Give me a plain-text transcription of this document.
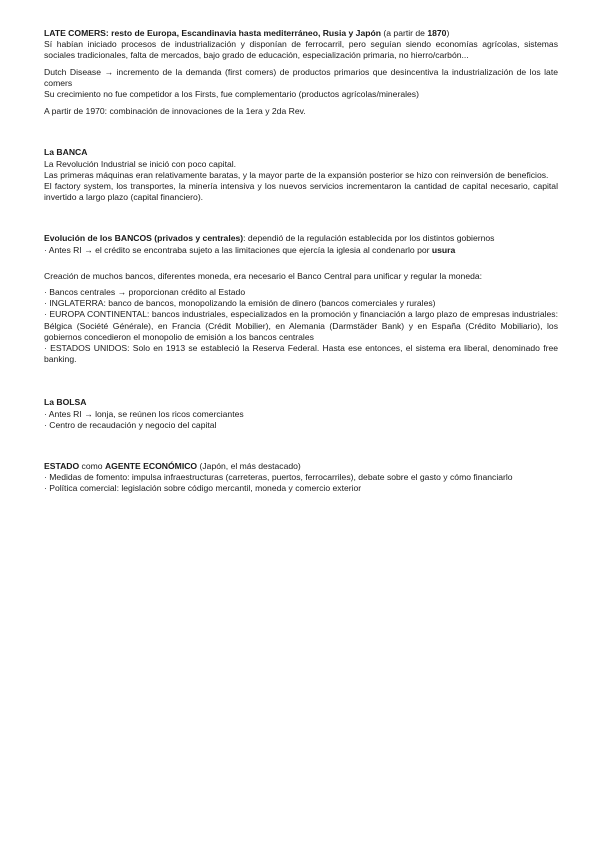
LATE COMERS: resto de Europa, Escandinavia hasta mediterráneo, Rusia y Japón (a partir de 1870)

Sí habían iniciado procesos de industrialización y disponían de ferrocarril, pero seguían siendo economías agrícolas, sistemas sociales tradicionales, falta de mercados, bajo grado de educación, especialización primaria, no hierro/carbón...

Dutch Disease → incremento de la demanda (first comers) de productos primarios que desincentiva la industrialización de los late comers

Su crecimiento no fue competidor a los Firsts, fue complementario (productos agrícolas/minerales)

A partir de 1970: combinación de innovaciones de la 1era y 2da Rev.

La BANCA

La Revolución Industrial se inició con poco capital.

Las primeras máquinas eran relativamente baratas, y la mayor parte de la expansión posterior se hizo con reinversión de beneficios.

El factory system, los transportes, la minería intensiva y los nuevos servicios incrementaron la cantidad de capital necesario, capital invertido a largo plazo (capital financiero).

Evolución de los BANCOS (privados y centrales): dependió de la regulación establecida por los distintos gobiernos

· Antes RI → el crédito se encontraba sujeto a las limitaciones que ejercía la iglesia al condenarlo por usura

Creación de muchos bancos, diferentes moneda, era necesario el Banco Central para unificar y regular la moneda:

· Bancos centrales → proporcionan crédito al Estado

· INGLATERRA: banco de bancos, monopolizando la emisión de dinero (bancos comerciales y rurales)

· EUROPA CONTINENTAL: bancos industriales, especializados en la promoción y financiación a largo plazo de empresas industriales: Bélgica (Société Générale), en Francia (Crédit Mobilier), en Alemania (Darmstäder Bank) y en España (Crédito Mobiliario), los gobiernos concedieron el monopolio de emisión a los bancos centrales

· ESTADOS UNIDOS: Solo en 1913 se estableció la Reserva Federal. Hasta ese entonces, el sistema era liberal, denominado free banking.

La BOLSA

· Antes RI → lonja, se reúnen los ricos comerciantes

· Centro de recaudación y negocio del capital

ESTADO como AGENTE ECONÓMICO (Japón, el más destacado)

· Medidas de fomento: impulsa infraestructuras (carreteras, puertos, ferrocarriles), debate sobre el gasto y cómo financiarlo

· Política comercial: legislación sobre código mercantil, moneda y comercio exterior
